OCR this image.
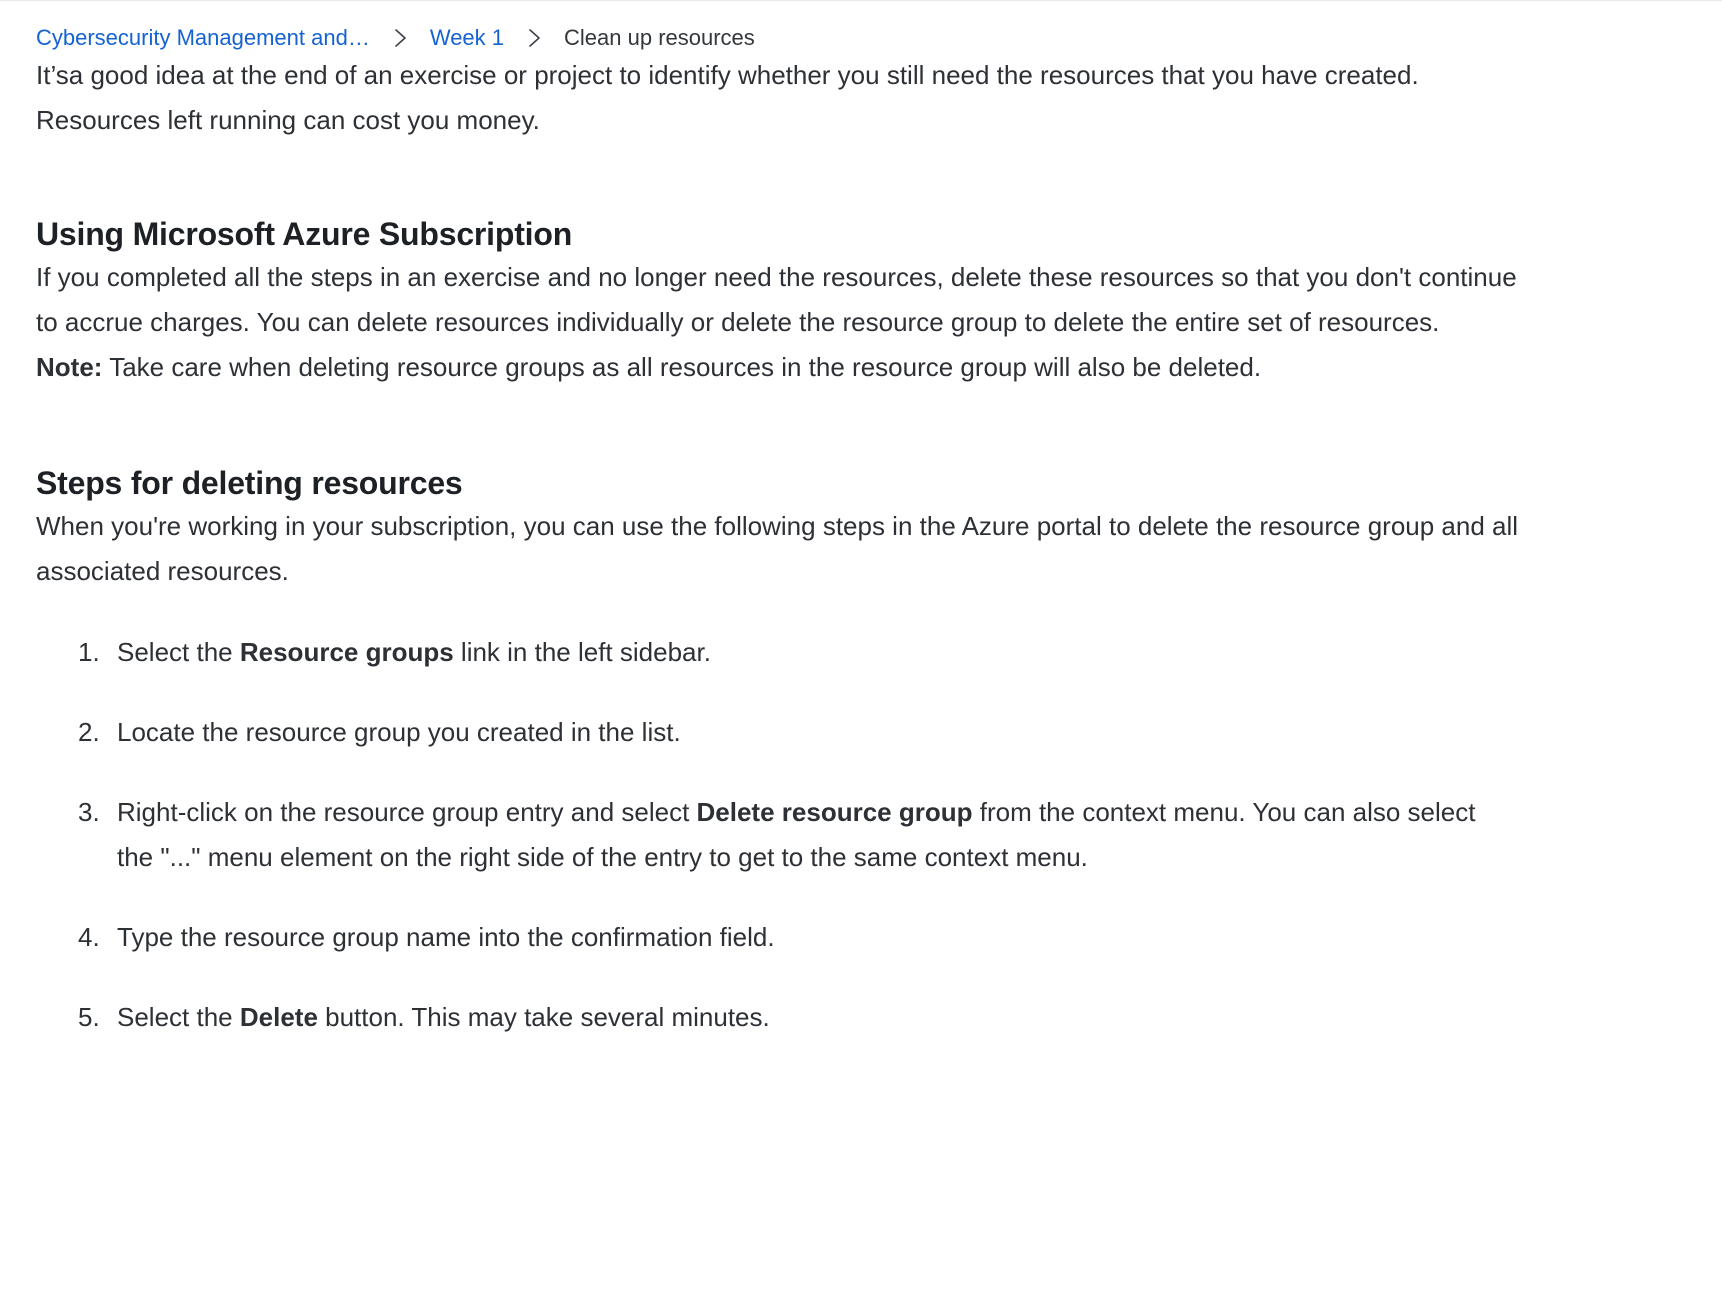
Cybersecurity Management and…	Week 1	Clean up resources

It’sa good idea at the end of an exercise or project to identify whether you still need the resources that you have created. Resources left running can cost you money.

Using Microsoft Azure Subscription

If you completed all the steps in an exercise and no longer need the resources, delete these resources so that you don't continue to accrue charges. You can delete resources individually or delete the resource group to delete the entire set of resources.

Note: Take care when deleting resource groups as all resources in the resource group will also be deleted.

Steps for deleting resources

When you're working in your subscription, you can use the following steps in the Azure portal to delete the resource group and all associated resources.

1. Select the Resource groups link in the left sidebar.
2. Locate the resource group you created in the list.
3. Right-click on the resource group entry and select Delete resource group from the context menu. You can also select the "..." menu element on the right side of the entry to get to the same context menu.
4. Type the resource group name into the confirmation field.
5. Select the Delete button. This may take several minutes.
